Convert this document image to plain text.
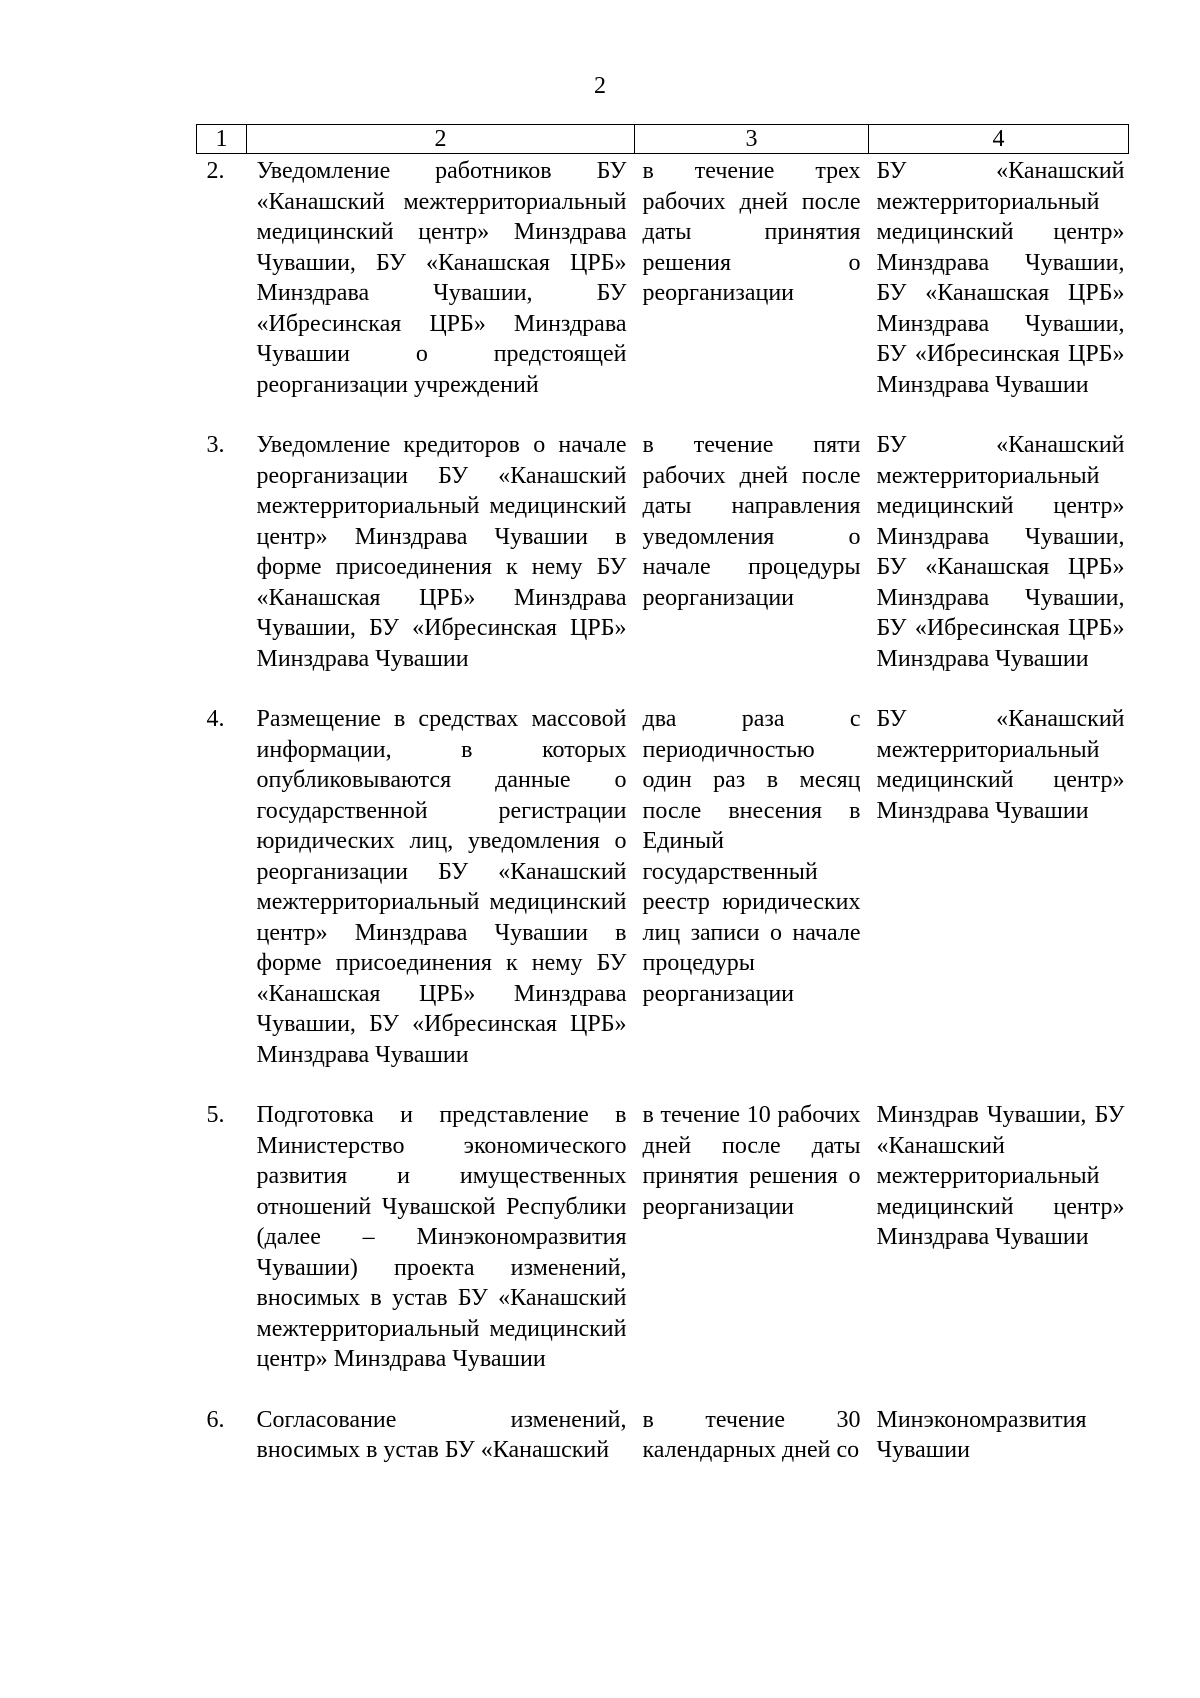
2
1	2	3	4
2.	Уведомление работников БУ «Канашский межтерриториальный медицинский центр» Минздрава Чувашии, БУ «Канашская ЦРБ» Минздрава Чувашии, БУ «Ибресинская ЦРБ» Минздрава Чувашии о предстоящей реорганизации учреждений	в течение трех рабочих дней после даты принятия решения о реорганизации	БУ «Канашский межтерриториальный медицинский центр» Минздрава Чувашии, БУ «Канашская ЦРБ» Минздрава Чувашии, БУ «Ибресинская ЦРБ» Минздрава Чувашии
3.	Уведомление кредиторов о начале реорганизации БУ «Канашский межтерриториальный медицинский центр» Минздрава Чувашии в форме присоединения к нему БУ «Канашская ЦРБ» Минздрава Чувашии, БУ «Ибресинская ЦРБ» Минздрава Чувашии	в течение пяти рабочих дней после даты направления уведомления о начале процедуры реорганизации	БУ «Канашский межтерриториальный медицинский центр» Минздрава Чувашии, БУ «Канашская ЦРБ» Минздрава Чувашии, БУ «Ибресинская ЦРБ» Минздрава Чувашии
4.	Размещение в средствах массовой информации, в которых опубликовываются данные о государственной регистрации юридических лиц, уведомления о реорганизации БУ «Канашский межтерриториальный медицинский центр» Минздрава Чувашии в форме присоединения к нему БУ «Канашская ЦРБ» Минздрава Чувашии, БУ «Ибресинская ЦРБ» Минздрава Чувашии	два раза с периодичностью один раз в месяц после внесения в Единый государственный реестр юридических лиц записи о начале процедуры реорганизации	БУ «Канашский межтерриториальный медицинский центр» Минздрава Чувашии
5.	Подготовка и представление в Министерство экономического развития и имущественных отношений Чувашской Республики (далее – Минэкономразвития Чувашии) проекта изменений, вносимых в устав БУ «Канашский межтерриториальный медицинский центр» Минздрава Чувашии	в течение 10 рабочих дней после даты принятия решения о реорганизации	Минздрав Чувашии, БУ «Канашский межтерриториальный медицинский центр» Минздрава Чувашии
6.	Согласование изменений, вносимых в устав БУ «Канашский	в течение 30 календарных дней со	Минэкономразвития Чувашии
